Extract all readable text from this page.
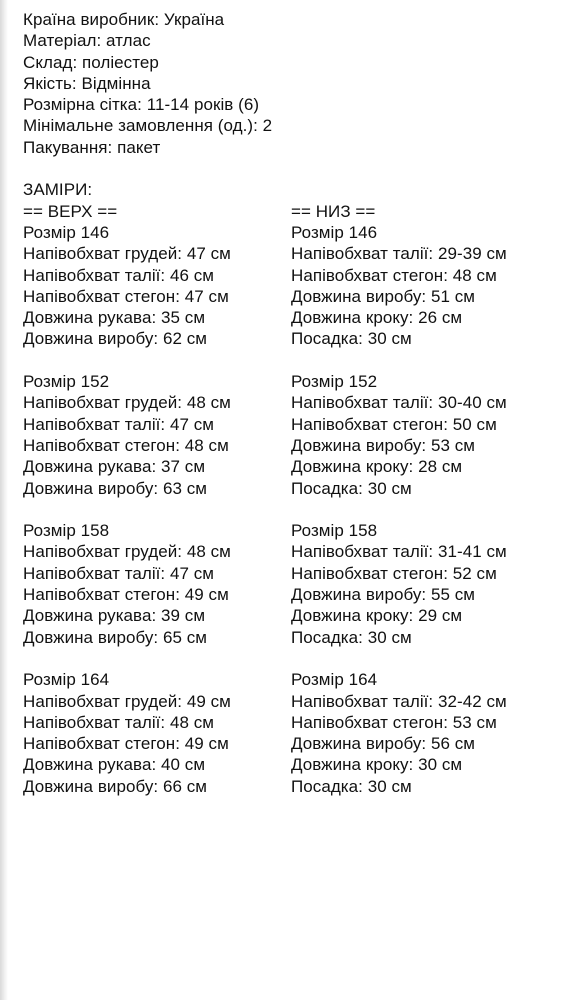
Країна виробник: Україна
Матеріал: атлас
Склад: поліестер
Якість: Відмінна
Розмірна сітка: 11-14 років (6)
Мінімальне замовлення (од.): 2
Пакування: пакет
ЗАМІРИ:
== ВЕРХ ==
Розмір 146
Напівобхват грудей: 47 см
Напівобхват талії: 46 см
Напівобхват стегон: 47 см
Довжина рукава: 35 см
Довжина виробу: 62 см
Розмір 152
Напівобхват грудей: 48 см
Напівобхват талії: 47 см
Напівобхват стегон: 48 см
Довжина рукава: 37 см
Довжина виробу: 63 см
Розмір 158
Напівобхват грудей: 48 см
Напівобхват талії: 47 см
Напівобхват стегон: 49 см
Довжина рукава: 39 см
Довжина виробу: 65 см
Розмір 164
Напівобхват грудей: 49 см
Напівобхват талії: 48 см
Напівобхват стегон: 49 см
Довжина рукава: 40 см
Довжина виробу: 66 см
== НИЗ ==
Розмір 146
Напівобхват талії: 29-39 см
Напівобхват стегон: 48 см
Довжина виробу: 51 см
Довжина кроку: 26 см
Посадка: 30 см
Розмір 152
Напівобхват талії: 30-40 см
Напівобхват стегон: 50 см
Довжина виробу: 53 см
Довжина кроку: 28 см
Посадка: 30 см
Розмір 158
Напівобхват талії: 31-41 см
Напівобхват стегон: 52 см
Довжина виробу: 55 см
Довжина кроку: 29 см
Посадка: 30 см
Розмір 164
Напівобхват талії: 32-42 см
Напівобхват стегон: 53 см
Довжина виробу: 56 см
Довжина кроку: 30 см
Посадка: 30 см
